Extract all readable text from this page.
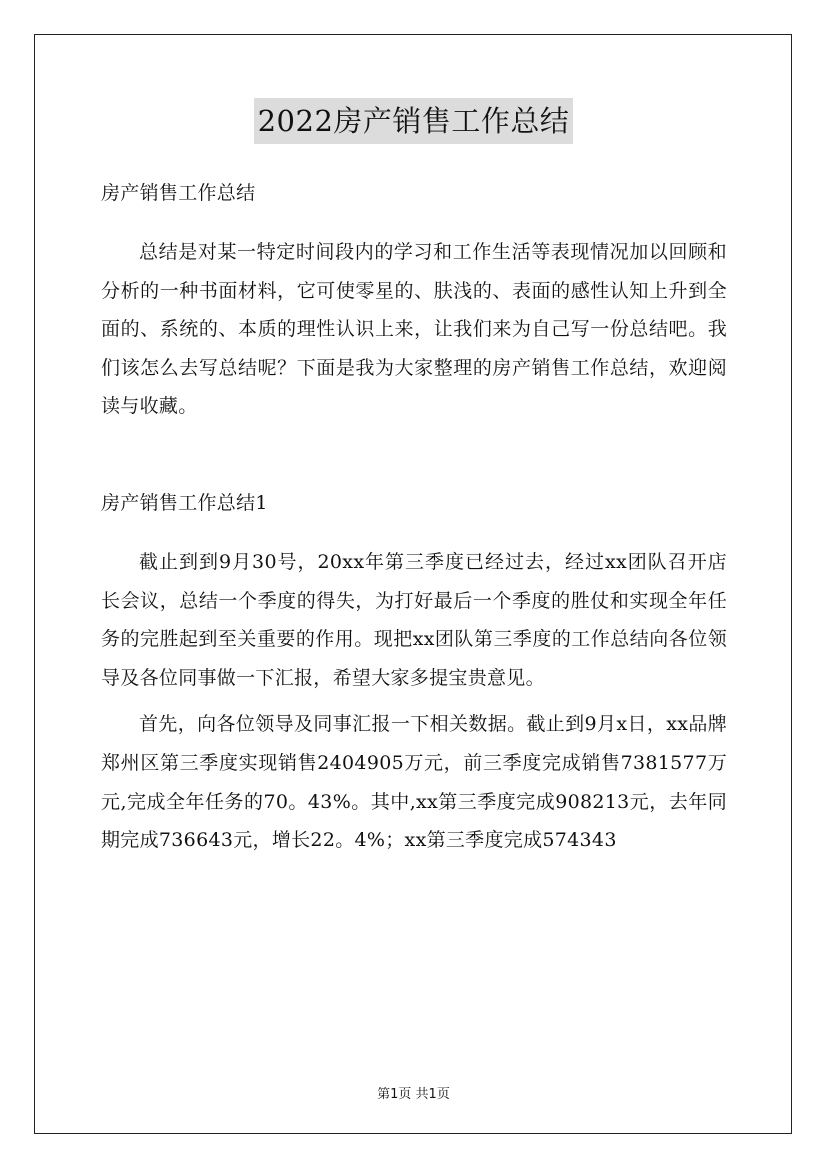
2022房产销售工作总结

房产销售工作总结

总结是对某一特定时间段内的学习和工作生活等表现情况加以回顾和分析的一种书面材料，它可使零星的、肤浅的、表面的感性认知上升到全面的、系统的、本质的理性认识上来，让我们来为自己写一份总结吧。我们该怎么去写总结呢？下面是我为大家整理的房产销售工作总结，欢迎阅读与收藏。

房产销售工作总结1

截止到到9月30号，20xx年第三季度已经过去，经过xx团队召开店长会议，总结一个季度的得失，为打好最后一个季度的胜仗和实现全年任务的完胜起到至关重要的作用。现把xx团队第三季度的工作总结向各位领导及各位同事做一下汇报，希望大家多提宝贵意见。

首先，向各位领导及同事汇报一下相关数据。截止到9月x日，xx品牌郑州区第三季度实现销售2404905万元，前三季度完成销售7381577万元,完成全年任务的70。43%。其中,xx第三季度完成908213元，去年同期完成736643元，增长22。4%；xx第三季度完成574343

第1页 共1页
